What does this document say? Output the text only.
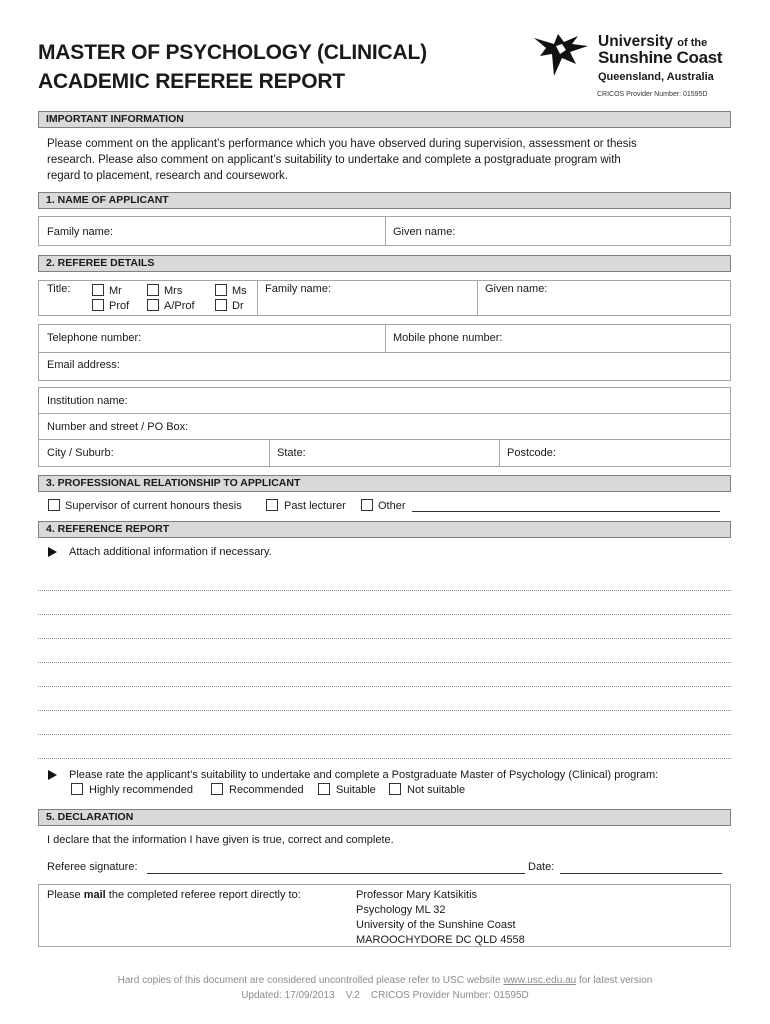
MASTER OF PSYCHOLOGY (CLINICAL)
ACADEMIC REFEREE REPORT
University of the
Sunshine Coast
Queensland, Australia
CRICOS Provider Number: 01595D
IMPORTANT INFORMATION
Please comment on the applicant’s performance which you have observed during supervision, assessment or thesis
research. Please also comment on applicant’s suitability to undertake and complete a postgraduate program with
regard to placement, research and coursework.
1. NAME OF APPLICANT
Family name:	Given name:
2. REFEREE DETAILS
Title:	Mr	Mrs	Ms
Prof	A/Prof	Dr
Family name:	Given name:
Telephone number:	Mobile phone number:
Email address:
Institution name:
Number and street / PO Box:
City / Suburb:	State:	Postcode:
3. PROFESSIONAL RELATIONSHIP TO APPLICANT
Supervisor of current honours thesis	Past lecturer	Other
4. REFERENCE REPORT
Attach additional information if necessary.
Please rate the applicant’s suitability to undertake and complete a Postgraduate Master of Psychology (Clinical) program:
Highly recommended	Recommended	Suitable	Not suitable
5. DECLARATION
I declare that the information I have given is true, correct and complete.
Referee signature:	Date:
Please mail the completed referee report directly to:	Professor Mary Katsikitis
Psychology ML 32
University of the Sunshine Coast
MAROOCHYDORE DC QLD 4558
Hard copies of this document are considered uncontrolled please refer to USC website www.usc.edu.au for latest version
Updated: 17/09/2013    V.2    CRICOS Provider Number: 01595D
